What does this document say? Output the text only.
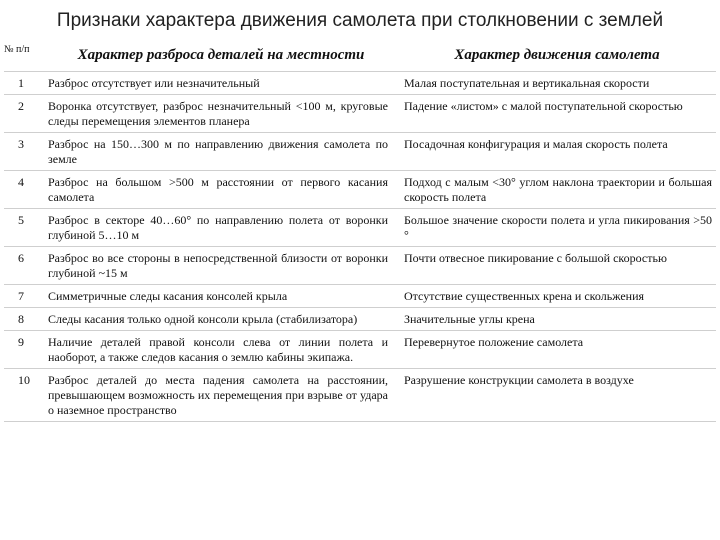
Признаки характера движения самолета при столкновении с землей
№ п/п	Характер разброса деталей на местности	Характер движения самолета
1	Разброс отсутствует или незначительный	Малая поступательная и вертикальная скорости
2	Воронка отсутствует, разброс незначительный <100 м, круговые следы перемещения элементов планера	Падение «листом» с малой поступательной скоростью
3	Разброс на 150…300 м по направлению движения самолета по земле	Посадочная конфигурация и малая скорость полета
4	Разброс на большом >500 м расстоянии от первого касания самолета	Подход с малым <30° углом наклона траектории и большая скорость полета
5	Разброс в секторе 40…60° по направлению полета от воронки глубиной 5…10 м	Большое значение скорости полета и угла пикирования >50 °
6	Разброс во все стороны в непосредственной близости от воронки глубиной ~15 м	Почти отвесное пикирование с большой скоростью
7	Симметричные следы касания консолей крыла	Отсутствие существенных крена и скольжения
8	Следы касания только одной консоли крыла (стабилизатора)	Значительные углы крена
9	Наличие деталей правой консоли слева от линии полета и наоборот, а также следов касания о землю кабины экипажа.	Перевернутое положение самолета
10	Разброс деталей до места падения самолета на расстоянии, превышающем возможность их перемещения при взрыве от удара о наземное пространство	Разрушение конструкции самолета в воздухе
